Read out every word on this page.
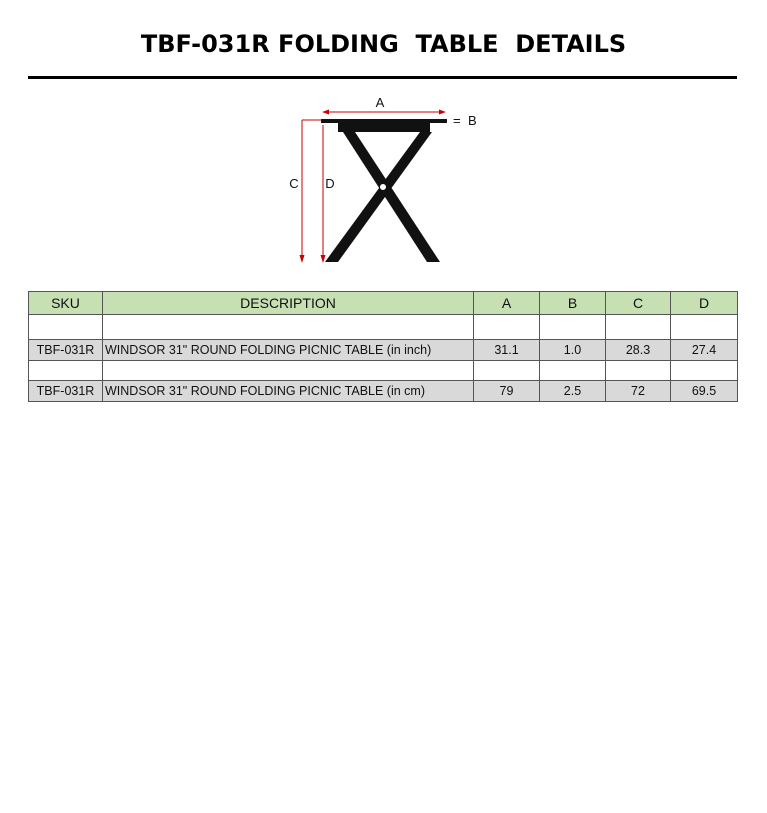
TBF-031R FOLDING  TABLE  DETAILS
A
= B
C D
SKU	DESCRIPTION	A	B	C	D

TBF-031R	WINDSOR 31" ROUND FOLDING PICNIC TABLE (in inch)	31.1	1.0	28.3	27.4

TBF-031R	WINDSOR 31" ROUND FOLDING PICNIC TABLE (in cm)	79	2.5	72	69.5
